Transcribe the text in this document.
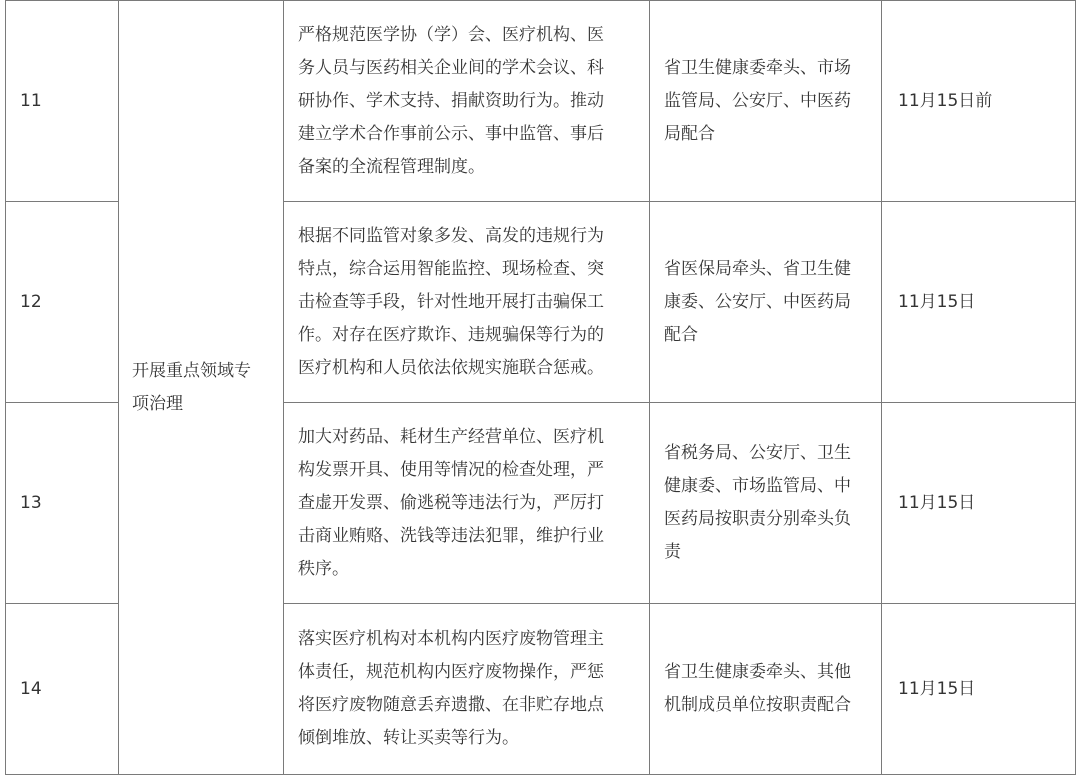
11	开展重点领域专
项治理	严格规范医学协（学）会、医疗机构、医
务人员与医药相关企业间的学术会议、科
研协作、学术支持、捐献资助行为。推动
建立学术合作事前公示、事中监管、事后
备案的全流程管理制度。	省卫生健康委牵头、市场
监管局、公安厅、中医药
局配合	11月15日前
12		根据不同监管对象多发、高发的违规行为
特点，综合运用智能监控、现场检查、突
击检查等手段，针对性地开展打击骗保工
作。对存在医疗欺诈、违规骗保等行为的
医疗机构和人员依法依规实施联合惩戒。	省医保局牵头、省卫生健
康委、公安厅、中医药局
配合	11月15日
13		加大对药品、耗材生产经营单位、医疗机
构发票开具、使用等情况的检查处理，严
查虚开发票、偷逃税等违法行为，严厉打
击商业贿赂、洗钱等违法犯罪，维护行业
秩序。	省税务局、公安厅、卫生
健康委、市场监管局、中
医药局按职责分别牵头负
责	11月15日
14		落实医疗机构对本机构内医疗废物管理主
体责任，规范机构内医疗废物操作，严惩
将医疗废物随意丢弃遗撒、在非贮存地点
倾倒堆放、转让买卖等行为。	省卫生健康委牵头、其他
机制成员单位按职责配合	11月15日
